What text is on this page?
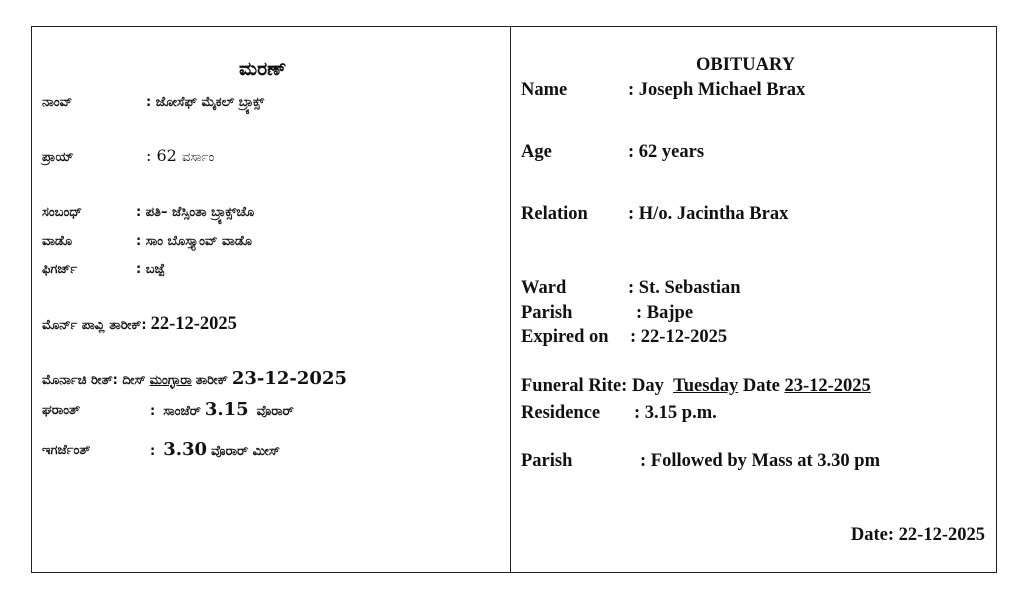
ಮರಣ್
ನಾಂವ್	: ಜೋಸೆಫ್ ಮೈಕಲ್ ಬ್ರ್ಯಾಕ್ಸ್
ಪ್ರಾಯ್	: 62 ವರ್ಸಾಂ
ಸಂಬಂಧ್	: ಪತಿ– ಜೆಸ್ಸಿಂತಾ ಬ್ರ್ಯಾಕ್ಸ್‌ಚೊ
ವಾಡೊ	: ಸಾಂ ಬೊಸ್ತ್ಯಾಂವ್ ವಾಡೊ
ಫಿಗರ್ಜ್	: ಬಜ್ಪೆ
ಮೊರ್ನ್ ಪಾವ್ಲಿ ತಾರೀಕ್: 22-12-2025
ಮೊರ್ನಾಚಿ ರೀತ್: ದೀಸ್ ಮಂಗ್ಳಾರಾ ತಾರೀಕ್ 23-12-2025
ಘರಾಂತ್	: ಸಾಂಜೆರ್ 3.15 ವೊರಾರ್
ಇಗರ್ಜೆಂತ್	: 3.30 ವೊರಾರ್ ಮೀಸ್
OBITUARY
Name	: Joseph Michael Brax
Age	: 62 years
Relation : H/o. Jacintha Brax
Ward	: St. Sebastian
Parish	: Bajpe
Expired on : 22-12-2025
Funeral Rite: Day Tuesday Date 23-12-2025
Residence : 3.15 p.m.
Parish	: Followed by Mass at 3.30 pm
Date: 22-12-2025
